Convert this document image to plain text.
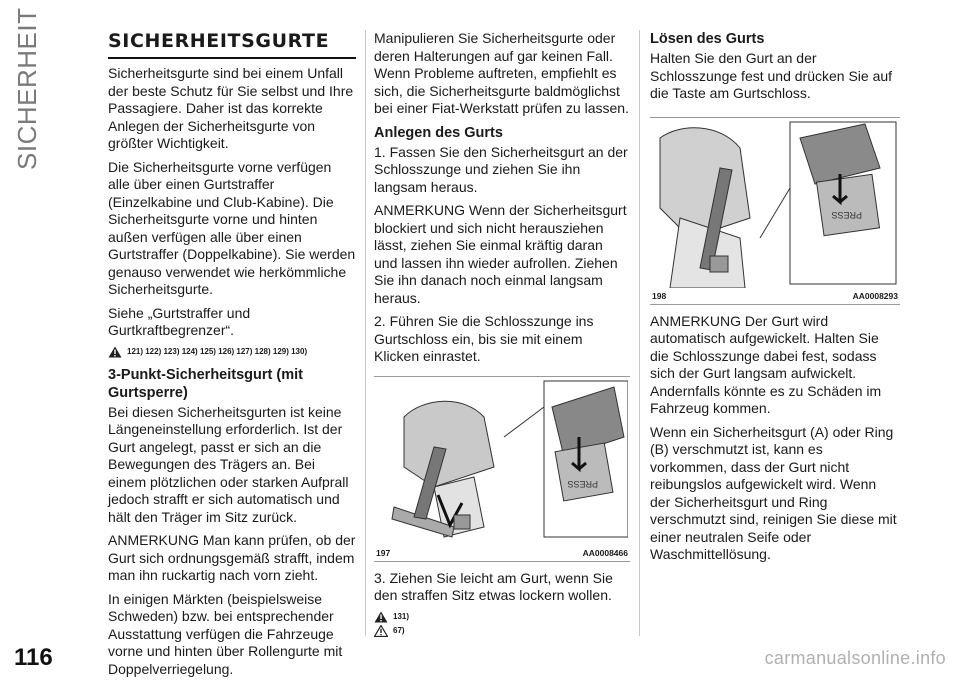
SICHERHEIT
116
SICHERHEITSGURTE

Sicherheitsgurte sind bei einem Unfall der beste Schutz für Sie selbst und Ihre Passagiere. Daher ist das korrekte Anlegen der Sicherheitsgurte von größter Wichtigkeit.

Die Sicherheitsgurte vorne verfügen alle über einen Gurtstraffer (Einzelkabine und Club-Kabine). Die Sicherheitsgurte vorne und hinten außen verfügen alle über einen Gurtstraffer (Doppelkabine). Sie werden genauso verwendet wie herkömmliche Sicherheitsgurte.

Siehe „Gurtstraffer und Gurtkraftbegrenzer“.

121) 122) 123) 124) 125) 126) 127) 128) 129) 130)
3-Punkt-Sicherheitsgurt (mit Gurtsperre)

Bei diesen Sicherheitsgurten ist keine Längeneinstellung erforderlich. Ist der Gurt angelegt, passt er sich an die Bewegungen des Trägers an. Bei einem plötzlichen oder starken Aufprall jedoch strafft er sich automatisch und hält den Träger im Sitz zurück.

ANMERKUNG Man kann prüfen, ob der Gurt sich ordnungsgemäß strafft, indem man ihn ruckartig nach vorn zieht.

In einigen Märkten (beispielsweise Schweden) bzw. bei entsprechender Ausstattung verfügen die Fahrzeuge vorne und hinten über Rollengurte mit Doppelverriegelung.

Manipulieren Sie Sicherheitsgurte oder deren Halterungen auf gar keinen Fall. Wenn Probleme auftreten, empfiehlt es sich, die Sicherheitsgurte baldmöglichst bei einer Fiat-Werkstatt prüfen zu lassen.

Anlegen des Gurts

1. Fassen Sie den Sicherheitsgurt an der Schlosszunge und ziehen Sie ihn langsam heraus.

ANMERKUNG Wenn der Sicherheitsgurt blockiert und sich nicht herausziehen lässt, ziehen Sie einmal kräftig daran und lassen ihn wieder aufrollen. Ziehen Sie ihn danach noch einmal langsam heraus.

2. Führen Sie die Schlosszunge ins Gurtschloss ein, bis sie mit einem Klicken einrastet.

PRESS
197	AA0008466

3. Ziehen Sie leicht am Gurt, wenn Sie den straffen Sitz etwas lockern wollen.

131)
67)
Lösen des Gurts

Halten Sie den Gurt an der Schlosszunge fest und drücken Sie auf die Taste am Gurtschloss.

PRESS
198	AA0008293

ANMERKUNG Der Gurt wird automatisch aufgewickelt. Halten Sie die Schlosszunge dabei fest, sodass sich der Gurt langsam aufwickelt. Andernfalls könnte es zu Schäden im Fahrzeug kommen.

Wenn ein Sicherheitsgurt (A) oder Ring (B) verschmutzt ist, kann es vorkommen, dass der Gurt nicht reibungslos aufgewickelt wird. Wenn der Sicherheitsgurt und Ring verschmutzt sind, reinigen Sie diese mit einer neutralen Seife oder Waschmittellösung.

carmanualsonline.info
